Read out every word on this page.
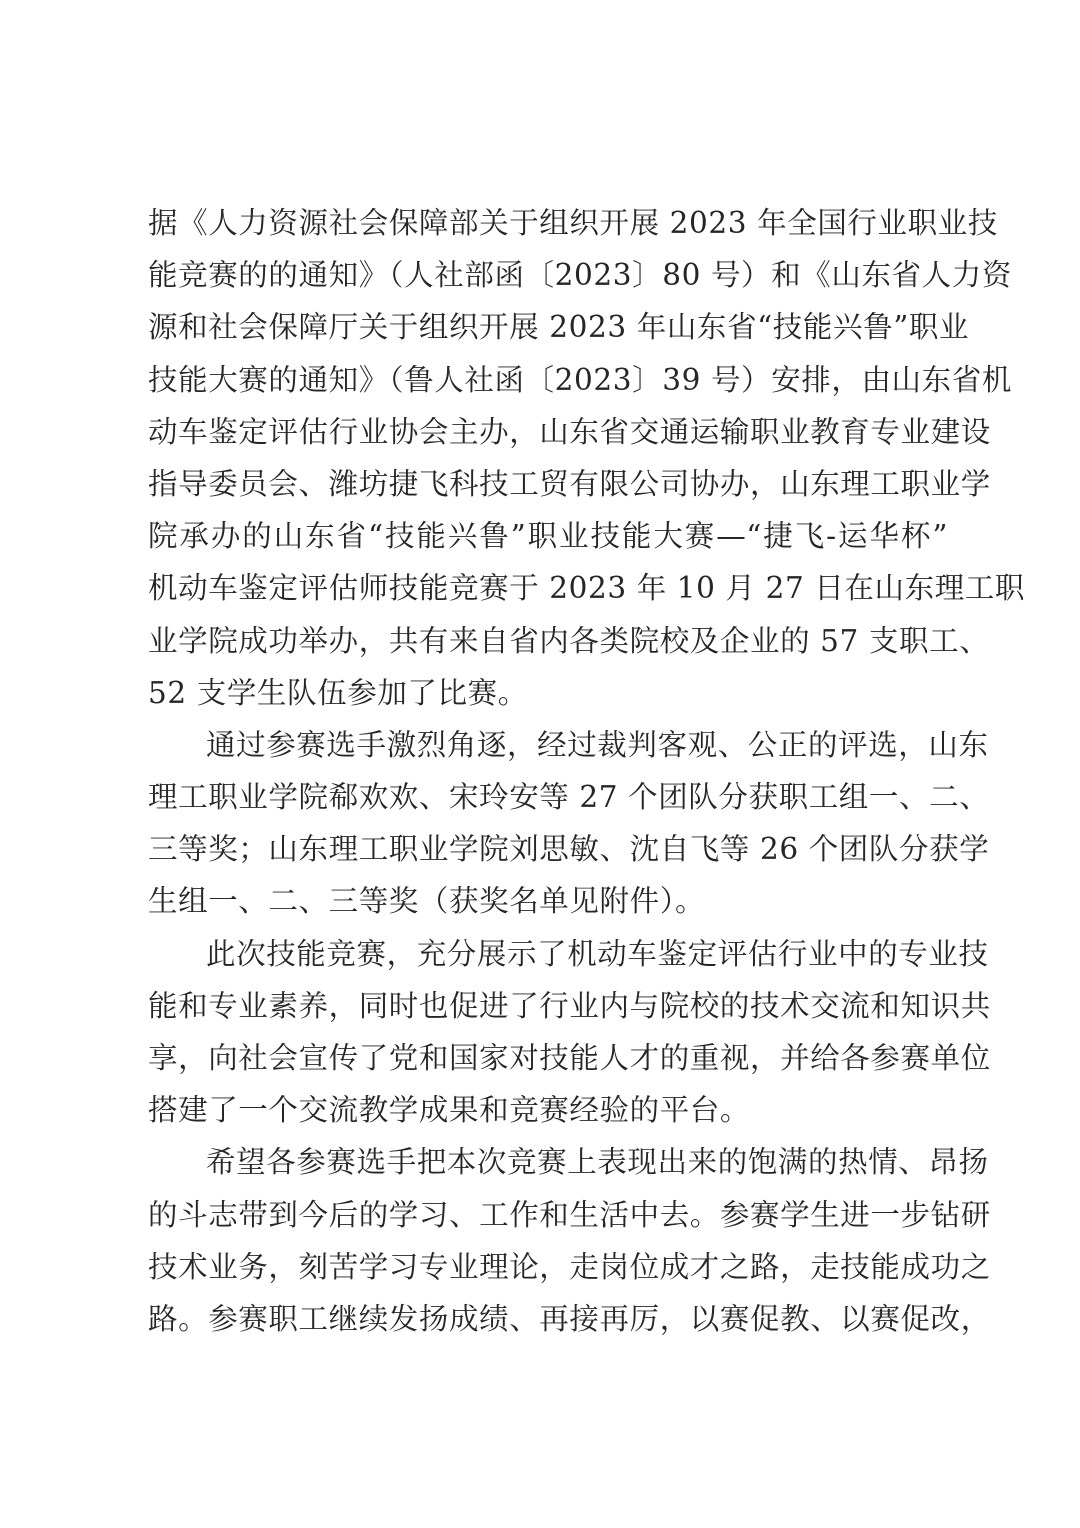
据《人力资源社会保障部关于组织开展 2023 年全国行业职业技
能竞赛的的通知》（人社部函〔2023〕80 号）和《山东省人力资
源和社会保障厅关于组织开展 2023 年山东省“技能兴鲁”职业
技能大赛的通知》（鲁人社函〔2023〕39 号）安排，由山东省机
动车鉴定评估行业协会主办，山东省交通运输职业教育专业建设
指导委员会、潍坊捷飞科技工贸有限公司协办，山东理工职业学
院承办的山东省“技能兴鲁”职业技能大赛—“捷飞-运华杯”
机动车鉴定评估师技能竞赛于 2023 年 10 月 27 日在山东理工职
业学院成功举办，共有来自省内各类院校及企业的 57 支职工、
52 支学生队伍参加了比赛。
通过参赛选手激烈角逐，经过裁判客观、公正的评选，山东
理工职业学院郗欢欢、宋玲安等 27 个团队分获职工组一、二、
三等奖；山东理工职业学院刘思敏、沈自飞等 26 个团队分获学
生组一、二、三等奖（获奖名单见附件）。
此次技能竞赛，充分展示了机动车鉴定评估行业中的专业技
能和专业素养，同时也促进了行业内与院校的技术交流和知识共
享，向社会宣传了党和国家对技能人才的重视，并给各参赛单位
搭建了一个交流教学成果和竞赛经验的平台。
希望各参赛选手把本次竞赛上表现出来的饱满的热情、昂扬
的斗志带到今后的学习、工作和生活中去。参赛学生进一步钻研
技术业务，刻苦学习专业理论，走岗位成才之路，走技能成功之
路。参赛职工继续发扬成绩、再接再厉，以赛促教、以赛促改，
